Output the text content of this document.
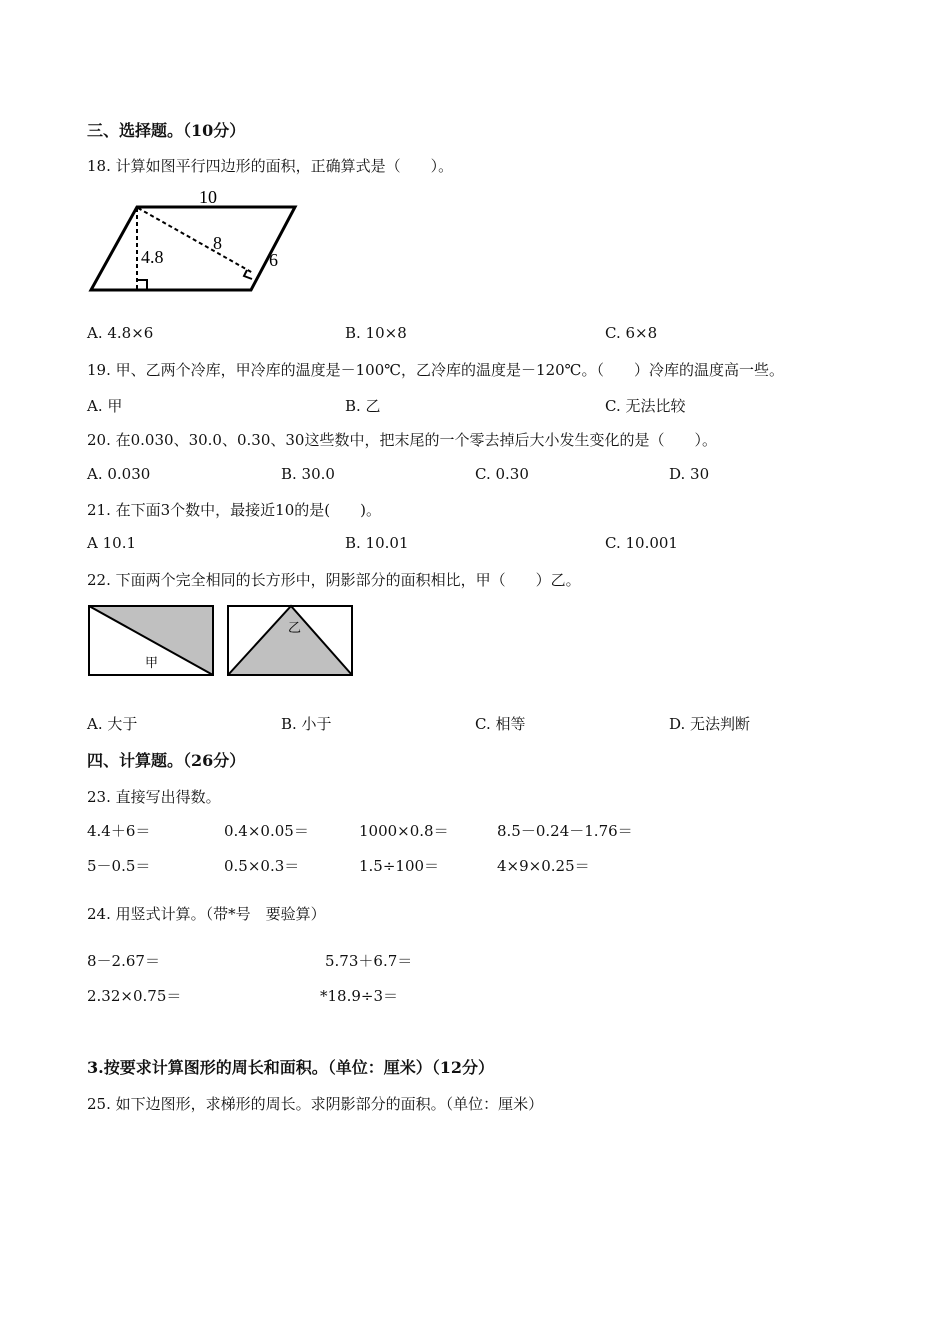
三、选择题。（10分）
18. 计算如图平行四边形的面积，正确算式是（　　）。
10
8
4.8	6
A. 4.8×6	B. 10×8	C. 6×8
19. 甲、乙两个冷库，甲冷库的温度是－100℃，乙冷库的温度是－120℃。（　　）冷库的温度高一些。
A. 甲	B. 乙	C. 无法比较
20. 在0.030、30.0、0.30、30这些数中，把末尾的一个零去掉后大小发生变化的是（　　）。
A. 0.030	B. 30.0	C. 0.30	D. 30
21. 在下面3个数中，最接近10的是(　　)。
A 10.1	B. 10.01	C. 10.001
22. 下面两个完全相同的长方形中，阴影部分的面积相比，甲（　　）乙。
甲
乙
A. 大于	B. 小于	C. 相等	D. 无法判断
四、计算题。（26分）
23. 直接写出得数。
4.4＋6＝	0.4×0.05＝	1000×0.8＝	8.5－0.24－1.76＝
5－0.5＝	0.5×0.3＝	1.5÷100＝	4×9×0.25＝
24. 用竖式计算。（带*号　要验算）
8－2.67＝	5.73＋6.7＝
2.32×0.75＝	*18.9÷3＝
3.按要求计算图形的周长和面积。（单位：厘米）（12分）
25. 如下边图形，求梯形的周长。求阴影部分的面积。（单位：厘米）
